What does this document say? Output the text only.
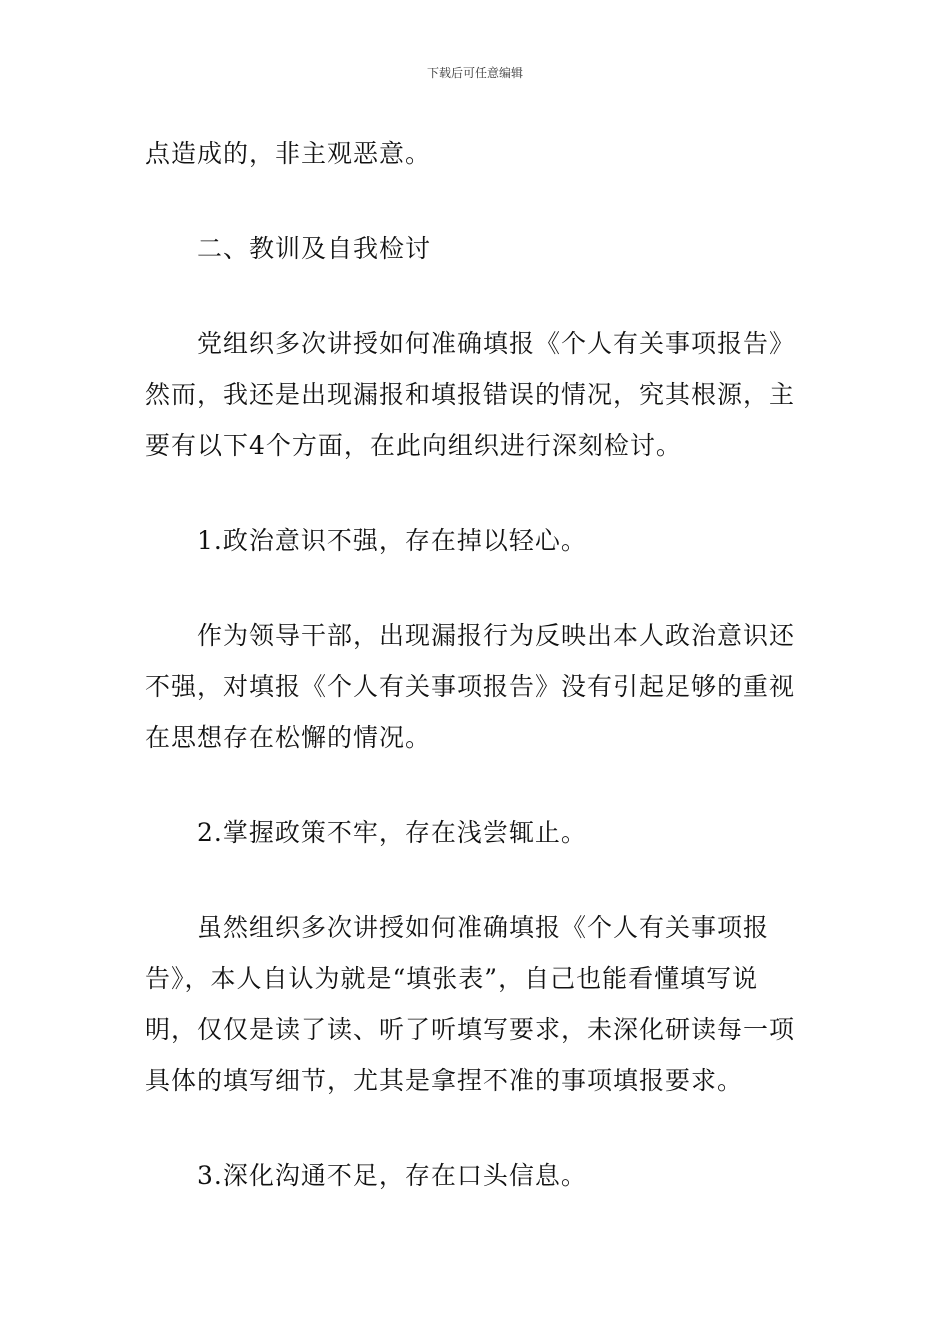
下载后可任意编辑

点造成的，非主观恶意。

二、教训及自我检讨

党组织多次讲授如何准确填报《个人有关事项报告》然而，我还是出现漏报和填报错误的情况，究其根源，主要有以下4个方面，在此向组织进行深刻检讨。

1.政治意识不强，存在掉以轻心。

作为领导干部，出现漏报行为反映出本人政治意识还不强，对填报《个人有关事项报告》没有引起足够的重视在思想存在松懈的情况。

2.掌握政策不牢，存在浅尝辄止。

虽然组织多次讲授如何准确填报《个人有关事项报告》，本人自认为就是“填张表”，自己也能看懂填写说明，仅仅是读了读、听了听填写要求，未深化研读每一项具体的填写细节，尤其是拿捏不准的事项填报要求。

3.深化沟通不足，存在口头信息。
